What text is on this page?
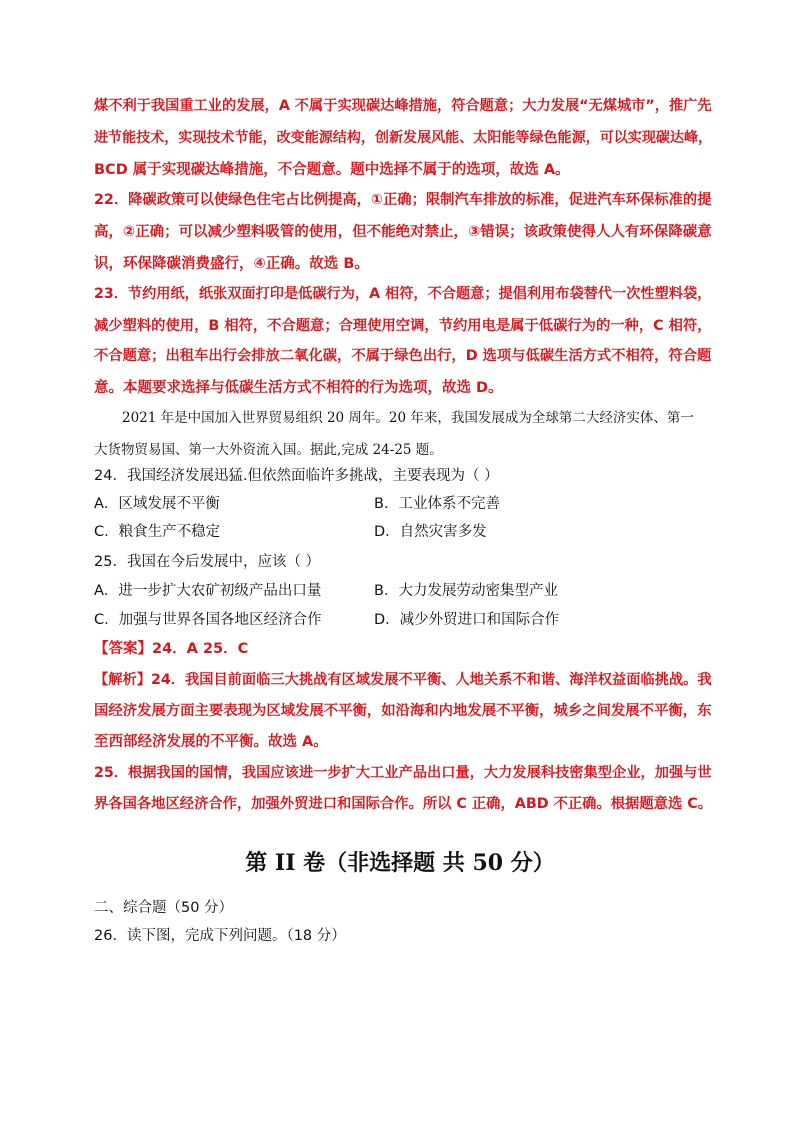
煤不利于我国重工业的发展，A 不属于实现碳达峰措施，符合题意；大力发展“无煤城市”，推广先
进节能技术，实现技术节能，改变能源结构，创新发展风能、太阳能等绿色能源，可以实现碳达峰，
BCD 属于实现碳达峰措施，不合题意。题中选择不属于的选项，故选 A。
22．降碳政策可以使绿色住宅占比例提高，①正确；限制汽车排放的标准，促进汽车环保标准的提
高，②正确；可以减少塑料吸管的使用，但不能绝对禁止，③错误；该政策使得人人有环保降碳意
识，环保降碳消费盛行，④正确。故选 B。
23．节约用纸，纸张双面打印是低碳行为，A 相符，不合题意；提倡利用布袋替代一次性塑料袋，
减少塑料的使用，B 相符，不合题意；合理使用空调，节约用电是属于低碳行为的一种，C 相符，
不合题意；出租车出行会排放二氧化碳，不属于绿色出行，D 选项与低碳生活方式不相符，符合题
意。本题要求选择与低碳生活方式不相符的行为选项，故选 D。
2021 年是中国加入世界贸易组织 20 周年。20 年来，我国发展成为全球第二大经济实体、第一
大货物贸易国、第一大外资流入国。据此,完成 24-25 题。
24．我国经济发展迅猛.但依然面临许多挑战，主要表现为（ ）
A．区域发展不平衡	B．工业体系不完善
C．粮食生产不稳定	D．自然灾害多发
25．我国在今后发展中，应该（ ）
A．进一步扩大农矿初级产品出口量	B．大力发展劳动密集型产业
C．加强与世界各国各地区经济合作	D．减少外贸进口和国际合作
【答案】24．A 25．C
【解析】24．我国目前面临三大挑战有区域发展不平衡、人地关系不和谐、海洋权益面临挑战。我
国经济发展方面主要表现为区域发展不平衡，如沿海和内地发展不平衡，城乡之间发展不平衡，东
至西部经济发展的不平衡。故选 A。
25．根据我国的国情，我国应该进一步扩大工业产品出口量，大力发展科技密集型企业，加强与世
界各国各地区经济合作，加强外贸进口和国际合作。所以 C 正确，ABD 不正确。根据题意选 C。
第 II 卷（非选择题 共 50 分）
二、综合题（50 分）
26．读下图，完成下列问题。（18 分）
